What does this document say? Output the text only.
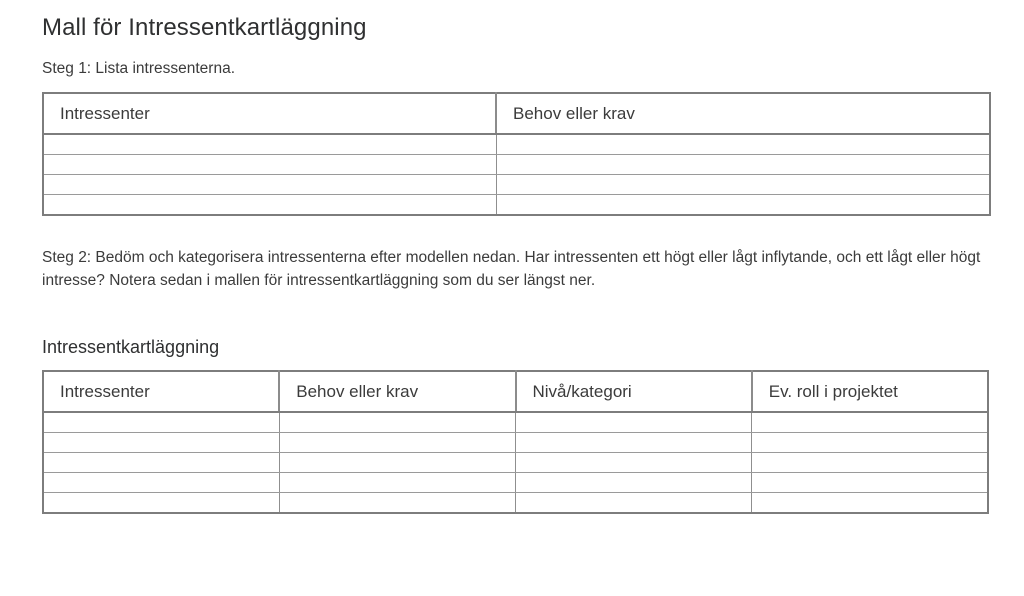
Mall för Intressentkartläggning

Steg 1: Lista intressenterna.

Intressenter	Behov eller krav

Steg 2: Bedöm och kategorisera intressenterna efter modellen nedan. Har intressenten ett högt eller lågt inflytande, och ett lågt eller högt intresse? Notera sedan i mallen för intressentkartläggning som du ser längst ner.

Intressentkartläggning
Intressenter	Behov eller krav	Nivå/kategori	Ev. roll i projektet
